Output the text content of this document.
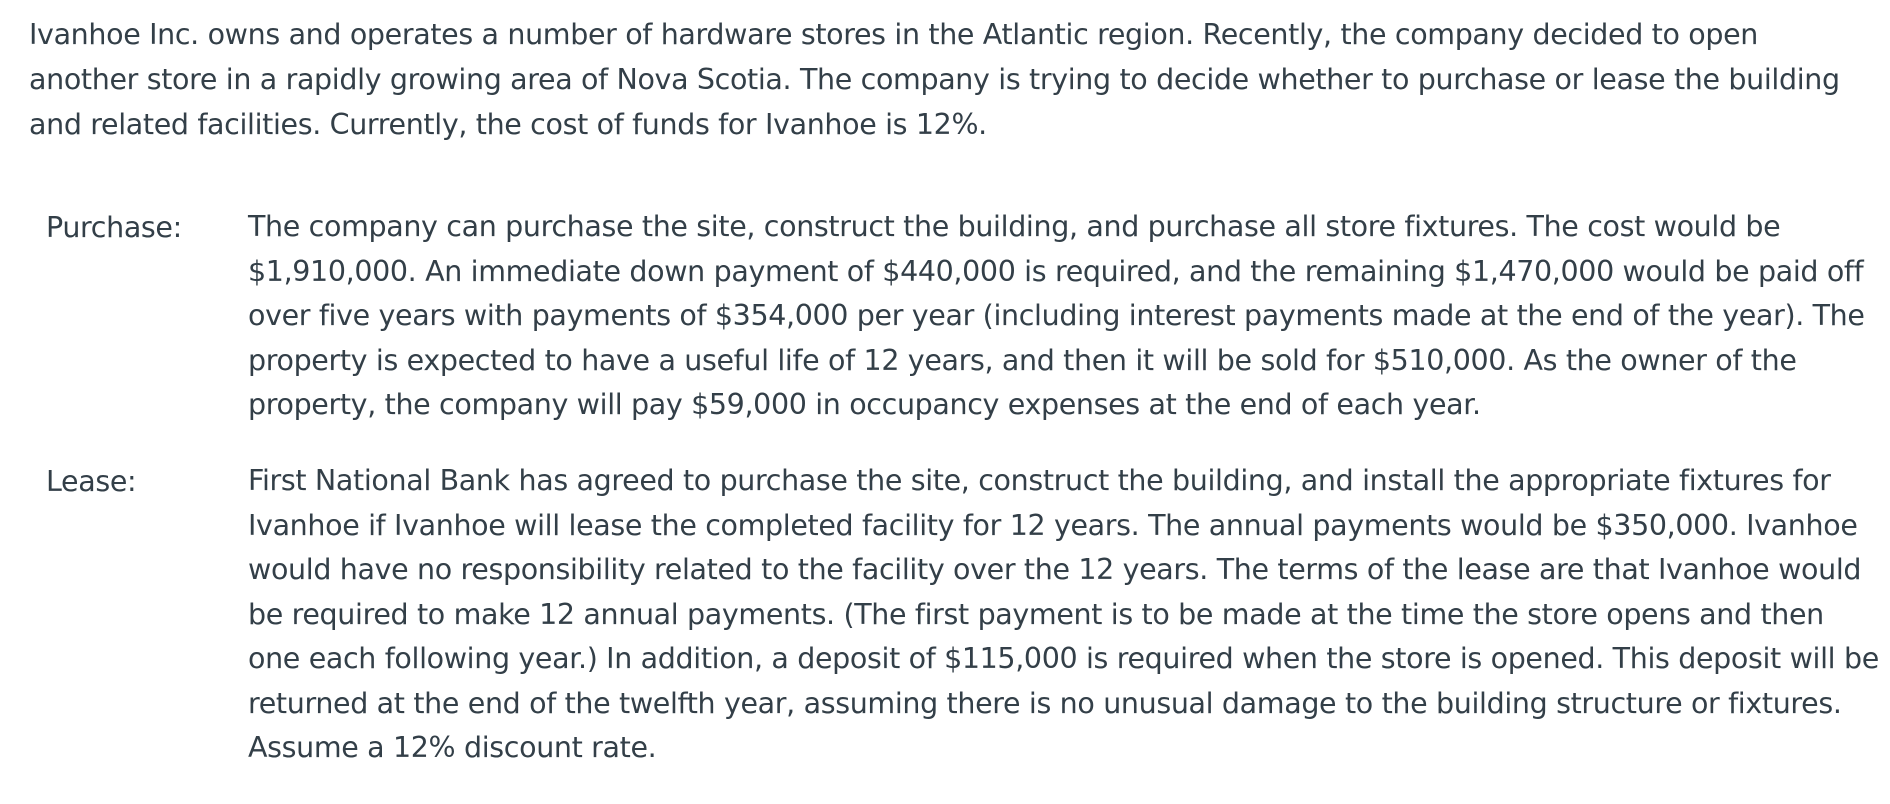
Ivanhoe Inc. owns and operates a number of hardware stores in the Atlantic region. Recently, the company decided to open another store in a rapidly growing area of Nova Scotia. The company is trying to decide whether to purchase or lease the building and related facilities. Currently, the cost of funds for Ivanhoe is 12%.

Purchase: The company can purchase the site, construct the building, and purchase all store fixtures. The cost would be $1,910,000. An immediate down payment of $440,000 is required, and the remaining $1,470,000 would be paid off over five years with payments of $354,000 per year (including interest payments made at the end of the year). The property is expected to have a useful life of 12 years, and then it will be sold for $510,000. As the owner of the property, the company will pay $59,000 in occupancy expenses at the end of each year.

Lease:	First National Bank has agreed to purchase the site, construct the building, and install the appropriate fixtures for Ivanhoe if Ivanhoe will lease the completed facility for 12 years. The annual payments would be $350,000. Ivanhoe would have no responsibility related to the facility over the 12 years. The terms of the lease are that Ivanhoe would be required to make 12 annual payments. (The first payment is to be made at the time the store opens and then one each following year.) In addition, a deposit of $115,000 is required when the store is opened. This deposit will be returned at the end of the twelfth year, assuming there is no unusual damage to the building structure or fixtures. Assume a 12% discount rate.
